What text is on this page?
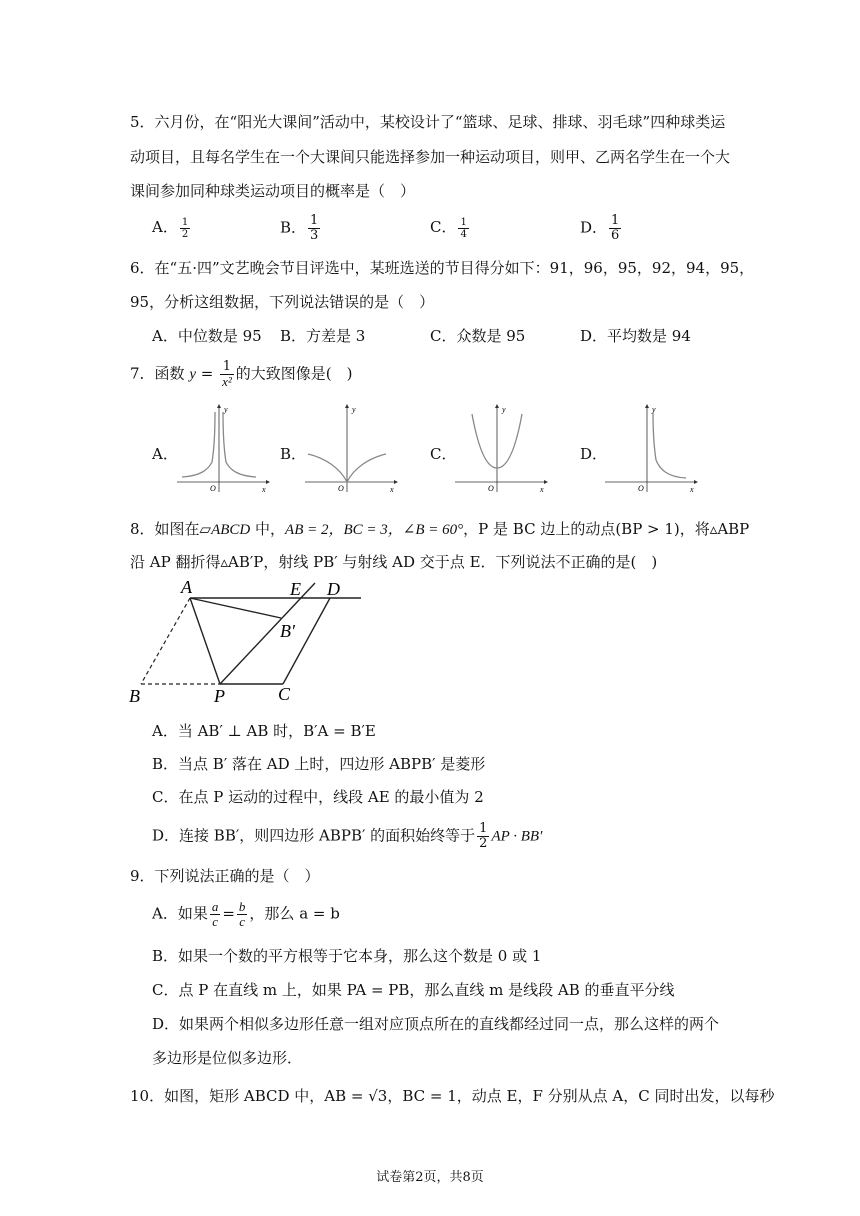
5．六月份，在“阳光大课间”活动中，某校设计了“篮球、足球、排球、羽毛球”四种球类运
动项目，且每名学生在一个大课间只能选择参加一种运动项目，则甲、乙两名学生在一个大
课间参加同种球类运动项目的概率是（　）
A． $\frac{1}{2}$	B． $\frac{1}{3}$	C． $\frac{1}{4}$	D． $\frac{1}{6}$
6．在“五·四”文艺晚会节目评选中，某班选送的节目得分如下：91，96，95，92，94，95，
95，分析这组数据，下列说法错误的是（　）
A．中位数是 95 B．方差是 3	C．众数是 95	D．平均数是 94
7．函数 $y = \frac{1}{\text{x²}}$ 的大致图像是(　)
A．	B．	C．	D．
y
x
O
y
x
O
y
x
O
y
x
O
8．如图在▱ABCD 中，AB = 2，BC = 3，∠B = 60°，P 是 BC 边上的动点(BP > 1)，将▵ABP
沿 AP 翻折得▵AB′P，射线 PB′ 与射线 AD 交于点 E．下列说法不正确的是(　)
A	E D
B′
B	P	C
A．当 AB′ ⊥ AB 时，B′A = B′E
B．当点 B′ 落在 AD 上时，四边形 ABPB′ 是菱形
C．在点 P 运动的过程中，线段 AE 的最小值为 2
D．连接 BB′，则四边形 ABPB′ 的面积始终等于 $\frac{1}{2}$ AP · BB′
9．下列说法正确的是（　）
A．如果 $\frac{a}{c} = \frac{b}{c}$ ，那么 a = b
B．如果一个数的平方根等于它本身，那么这个数是 0 或 1
C．点 P 在直线 m 上，如果 PA = PB，那么直线 m 是线段 AB 的垂直平分线
D．如果两个相似多边形任意一组对应顶点所在的直线都经过同一点，那么这样的两个
多边形是位似多边形．
10．如图，矩形 ABCD 中，AB = √3，BC = 1，动点 E，F 分别从点 A，C 同时出发，以每秒
试卷第2页，共8页
